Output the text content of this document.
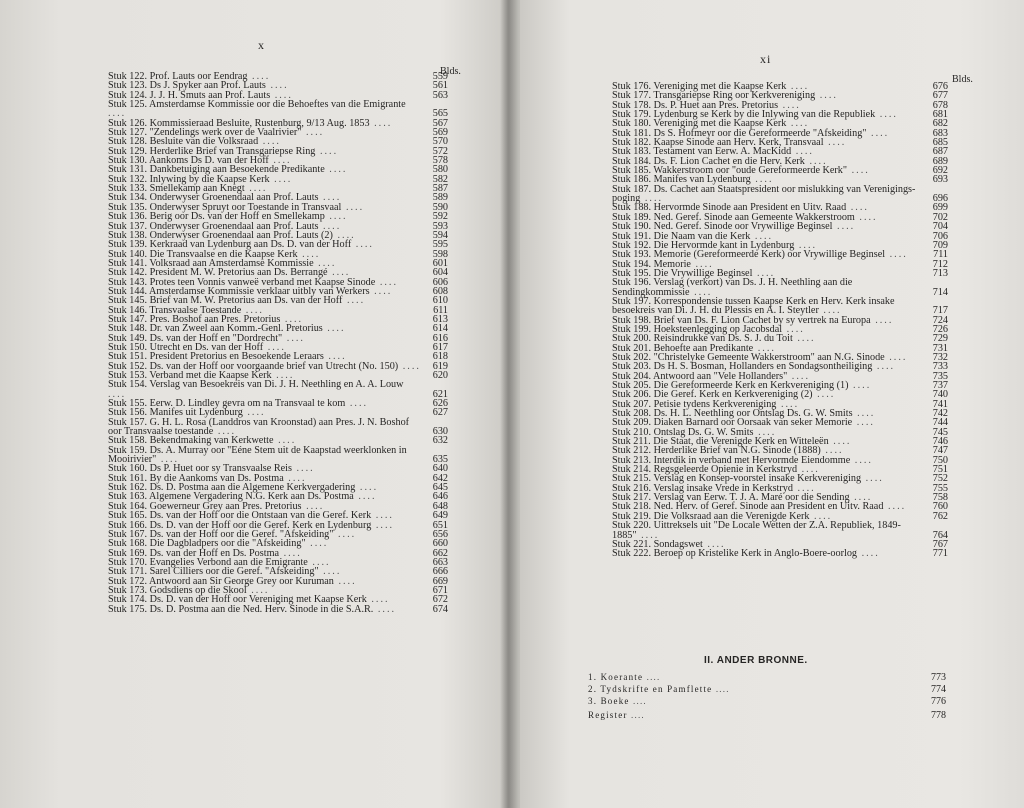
x
Blds.
Stuk 122. Prof. Lauts oor Eendrag ....	559
Stuk 123. Ds J. Spyker aan Prof. Lauts ....	561
Stuk 124. J. J. H. Smuts aan Prof. Lauts ....	563
Stuk 125. Amsterdamse Kommissie oor die Behoeftes van die Emigrante ....	565
Stuk 126. Kommissieraad Besluite, Rustenburg, 9/13 Aug. 1853 ....	567
Stuk 127. "Zendelings werk over de Vaalrivier" ....	569
Stuk 128. Besluite van die Volksraad ....	570
Stuk 129. Herderlike Brief van Transgariepse Ring ....	572
Stuk 130. Aankoms Ds D. van der Hoff ....	578
Stuk 131. Dankbetuiging aan Besoekende Predikante ....	580
Stuk 132. Inlywing by die Kaapse Kerk ....	582
Stuk 133. Smellekamp aan Knegt ....	587
Stuk 134. Onderwyser Groenendaal aan Prof. Lauts ....	589
Stuk 135. Onderwyser Spruyt oor Toestande in Transvaal ....	590
Stuk 136. Berig oor Ds. van der Hoff en Smellekamp ....	592
Stuk 137. Onderwyser Groenendaal aan Prof. Lauts ....	593
Stuk 138. Onderwyser Groenendaal aan Prof. Lauts (2) ....	594
Stuk 139. Kerkraad van Lydenburg aan Ds. D. van der Hoff ....	595
Stuk 140. Die Transvaalse en die Kaapse Kerk ....	598
Stuk 141. Volksraad aan Amsterdamse Kommissie ....	601
Stuk 142. President M. W. Pretorius aan Ds. Berrangé ....	604
Stuk 143. Protes teen Vonnis vanweë verband met Kaapse Sinode ....	606
Stuk 144. Amsterdamse Kommissie verklaar uitbly van Werkers ....	608
Stuk 145. Brief van M. W. Pretorius aan Ds. van der Hoff ....	610
Stuk 146. Transvaalse Toestande ....	611
Stuk 147. Pres. Boshof aan Pres. Pretorius ....	613
Stuk 148. Dr. van Zweel aan Komm.-Genl. Pretorius ....	614
Stuk 149. Ds. van der Hoff en "Dordrecht" ....	616
Stuk 150. Utrecht en Ds. van der Hoff ....	617
Stuk 151. President Pretorius en Besoekende Leraars ....	618
Stuk 152. Ds. van der Hoff oor voorgaande brief van Utrecht (No. 150) ....	619
Stuk 153. Verband met die Kaapse Kerk ....	620
Stuk 154. Verslag van Besoekreis van Di. J. H. Neethling en A. A. Louw ....	621
Stuk 155. Eerw. D. Lindley gevra om na Transvaal te kom ....	626
Stuk 156. Manifes uit Lydenburg ....	627
Stuk 157. G. H. L. Rosa (Landdros van Kroonstad) aan Pres. J. N. Boshof oor Transvaalse toestande ....	630
Stuk 158. Bekendmaking van Kerkwette ....	632
Stuk 159. Ds. A. Murray oor "Eéne Stem uit de Kaapstad weerklonken in Mooirivier" ....	635
Stuk 160. Ds P. Huet oor sy Transvaalse Reis ....	640
Stuk 161. By die Aankoms van Ds. Postma ....	642
Stuk 162. Ds. D. Postma aan die Algemene Kerkvergadering ....	645
Stuk 163. Algemene Vergadering N.G. Kerk aan Ds. Postma ....	646
Stuk 164. Goewerneur Grey aan Pres. Pretorius ....	648
Stuk 165. Ds. van der Hoff oor die Ontstaan van die Geref. Kerk ....	649
Stuk 166. Ds. D. van der Hoff oor die Geref. Kerk en Lydenburg ....	651
Stuk 167. Ds. van der Hoff oor die Geref. "Afskeiding" ....	656
Stuk 168. Die Dagbladpers oor die "Afskeiding" ....	660
Stuk 169. Ds. van der Hoff en Ds. Postma ....	662
Stuk 170. Evangelies Verbond aan die Emigrante ....	663
Stuk 171. Sarel Cilliers oor die Geref. "Afskeiding" ....	666
Stuk 172. Antwoord aan Sir George Grey oor Kuruman ....	669
Stuk 173. Godsdiens op die Skool ....	671
Stuk 174. Ds. D. van der Hoff oor Vereniging met Kaapse Kerk ....	672
Stuk 175. Ds. D. Postma aan die Ned. Herv. Sinode in die S.A.R. ....	674
xi
Blds.
Stuk 176. Vereniging met die Kaapse Kerk ....	676
Stuk 177. Transgariepse Ring oor Kerkvereniging ....	677
Stuk 178. Ds. P. Huet aan Pres. Pretorius ....	678
Stuk 179. Lydenburg se Kerk by die Inlywing van die Republiek ....	681
Stuk 180. Vereniging met die Kaapse Kerk ....	682
Stuk 181. Ds S. Hofmeyr oor die Gereformeerde "Afskeiding" ....	683
Stuk 182. Kaapse Sinode aan Herv. Kerk, Transvaal ....	685
Stuk 183. Testament van Eerw. A. MacKidd ....	687
Stuk 184. Ds. F. Lion Cachet en die Herv. Kerk ....	689
Stuk 185. Wakkerstroom oor "oude Gereformeerde Kerk" ....	692
Stuk 186. Manifes van Lydenburg ....	693
Stuk 187. Ds. Cachet aan Staatspresident oor mislukking van Verenigings-poging ....	696
Stuk 188. Hervormde Sinode aan President en Uitv. Raad ....	699
Stuk 189. Ned. Geref. Sinode aan Gemeente Wakkerstroom ....	702
Stuk 190. Ned. Geref. Sinode oor Vrywillige Beginsel ....	704
Stuk 191. Die Naam van die Kerk ....	706
Stuk 192. Die Hervormde kant in Lydenburg ....	709
Stuk 193. Memorie (Gereformeerde Kerk) oor Vrywillige Beginsel ....	711
Stuk 194. Memorie ....	712
Stuk 195. Die Vrywillige Beginsel ....	713
Stuk 196. Verslag (verkort) van Ds. J. H. Neethling aan die Sendingkommissie ....	714
Stuk 197. Korrespondensie tussen Kaapse Kerk en Herv. Kerk insake besoekreis van Di. J. H. du Plessis en A. I. Steytler ....	717
Stuk 198. Brief van Ds. F. Lion Cachet by sy vertrek na Europa ....	724
Stuk 199. Hoeksteenlegging op Jacobsdal ....	726
Stuk 200. Reisindrukke van Ds. S. J. du Toit ....	729
Stuk 201. Behoefte aan Predikante ....	731
Stuk 202. "Christelyke Gemeente Wakkerstroom" aan N.G. Sinode ....	732
Stuk 203. Ds H. S. Bosman, Hollanders en Sondagsontheiliging ....	733
Stuk 204. Antwoord aan "Vele Hollanders" ....	735
Stuk 205. Die Gereformeerde Kerk en Kerkvereniging (1) ....	737
Stuk 206. Die Geref. Kerk en Kerkvereniging (2) ....	740
Stuk 207. Petisie tydens Kerkvereniging ....	741
Stuk 208. Ds. H. L. Neethling oor Ontslag Ds. G. W. Smits ....	742
Stuk 209. Diaken Barnard oor Oorsaak van seker Memorie ....	744
Stuk 210. Ontslag Ds. G. W. Smits ....	745
Stuk 211. Die Staat, die Verenigde Kerk en Witteleën ....	746
Stuk 212. Herderlike Brief van N.G. Sinode (1888) ....	747
Stuk 213. Interdik in verband met Hervormde Eiendomme ....	750
Stuk 214. Regsgeleerde Opienie in Kerkstryd ....	751
Stuk 215. Verslag en Konsep-voorstel insake Kerkvereniging ....	752
Stuk 216. Verslag insake Vrede in Kerkstryd ....	755
Stuk 217. Verslag van Eerw. T. J. A. Maré oor die Sending ....	758
Stuk 218. Ned. Herv. of Geref. Sinode aan President en Uitv. Raad ....	760
Stuk 219. Die Volksraad aan die Verenigde Kerk ....	762
Stuk 220. Uittreksels uit "De Locale Wetten der Z.A. Republiek, 1849-1885" ....	764
Stuk 221. Sondagswet ....	767
Stuk 222. Beroep op Kristelike Kerk in Anglo-Boere-oorlog ....	771
II. ANDER BRONNE.
1. Koerante ....	773
2. Tydskrifte en Pamflette ....	774
3. Boeke ....	776
Register ....	778
